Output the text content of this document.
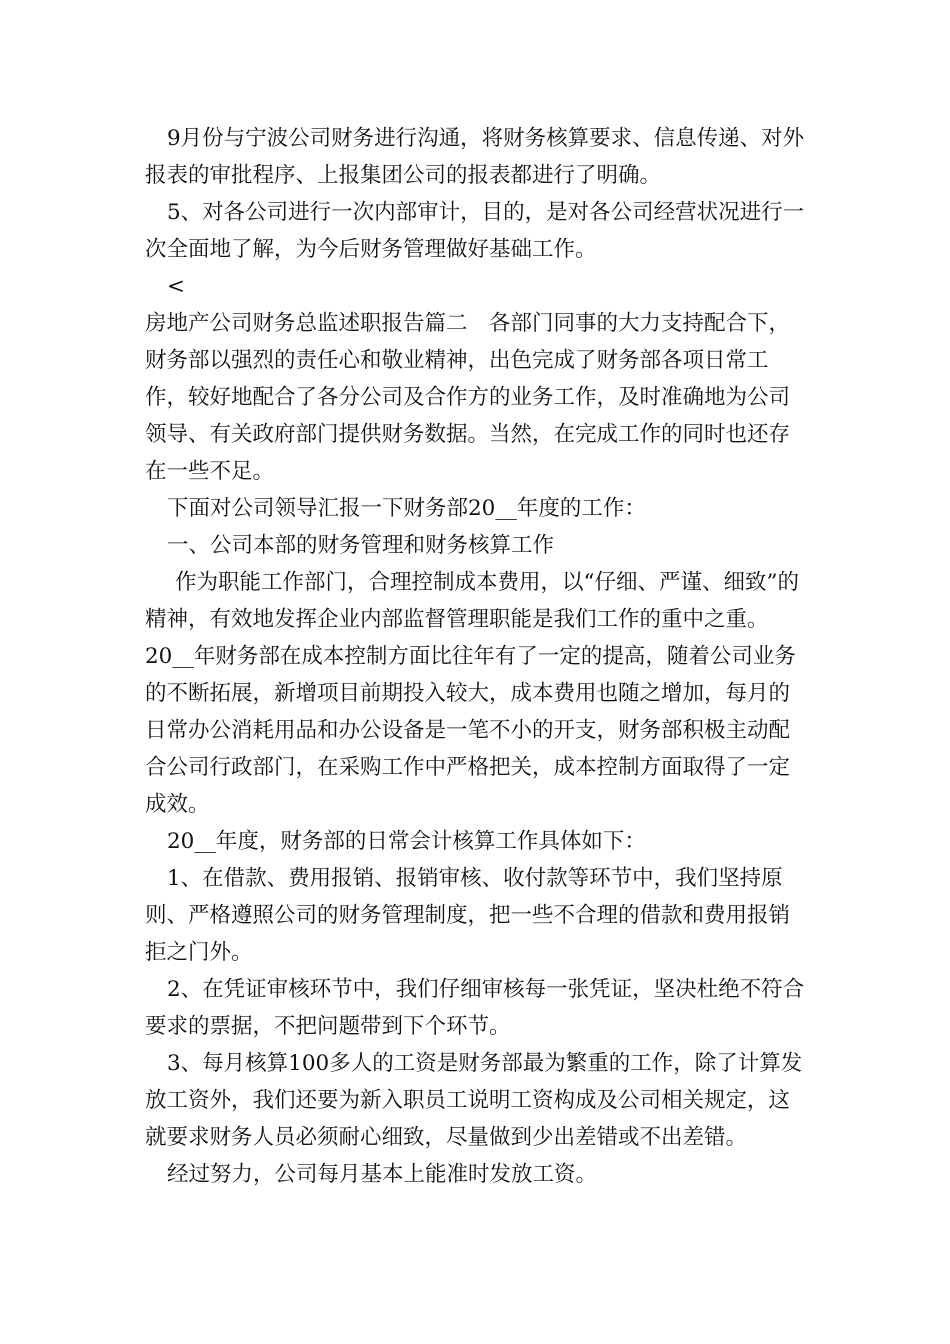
9月份与宁波公司财务进行沟通，将财务核算要求、信息传递、对外报表的审批程序、上报集团公司的报表都进行了明确。

5、对各公司进行一次内部审计，目的，是对各公司经营状况进行一次全面地了解，为今后财务管理做好基础工作。

<

房地产公司财务总监述职报告篇二　各部门同事的大力支持配合下，财务部以强烈的责任心和敬业精神，出色完成了财务部各项日常工作，较好地配合了各分公司及合作方的业务工作，及时准确地为公司领导、有关政府部门提供财务数据。当然，在完成工作的同时也还存在一些不足。

下面对公司领导汇报一下财务部20__年度的工作：

一、公司本部的财务管理和财务核算工作

作为职能工作部门，合理控制成本费用，以“仔细、严谨、细致”的精神，有效地发挥企业内部监督管理职能是我们工作的重中之重。20__年财务部在成本控制方面比往年有了一定的提高，随着公司业务的不断拓展，新增项目前期投入较大，成本费用也随之增加，每月的日常办公消耗用品和办公设备是一笔不小的开支，财务部积极主动配合公司行政部门，在采购工作中严格把关，成本控制方面取得了一定成效。

20__年度，财务部的日常会计核算工作具体如下：

1、在借款、费用报销、报销审核、收付款等环节中，我们坚持原则、严格遵照公司的财务管理制度，把一些不合理的借款和费用报销拒之门外。

2、在凭证审核环节中，我们仔细审核每一张凭证，坚决杜绝不符合要求的票据，不把问题带到下个环节。

3、每月核算100多人的工资是财务部最为繁重的工作，除了计算发放工资外，我们还要为新入职员工说明工资构成及公司相关规定，这就要求财务人员必须耐心细致，尽量做到少出差错或不出差错。

经过努力，公司每月基本上能准时发放工资。
